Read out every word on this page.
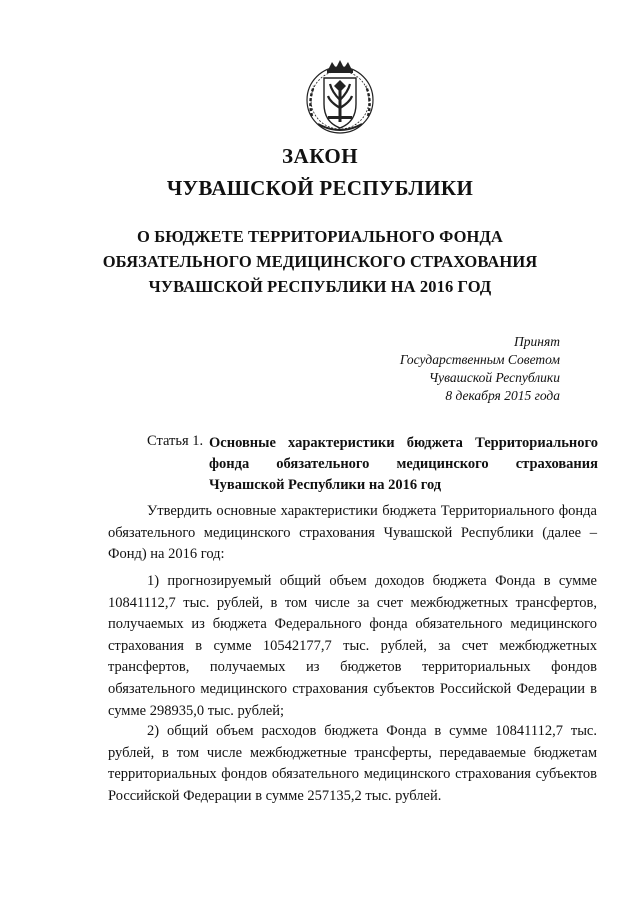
ЗАКОН
ЧУВАШСКОЙ РЕСПУБЛИКИ
О БЮДЖЕТЕ ТЕРРИТОРИАЛЬНОГО ФОНДА
ОБЯЗАТЕЛЬНОГО МЕДИЦИНСКОГО СТРАХОВАНИЯ
ЧУВАШСКОЙ РЕСПУБЛИКИ НА 2016 ГОД
Принят
Государственным Советом
Чувашской Республики
8 декабря 2015 года
Статья 1. Основные характеристики бюджета Территориального фонда обязательного медицинского страхования Чувашской Республики на 2016 год

Утвердить основные характеристики бюджета Территориального фонда обязательного медицинского страхования Чувашской Республики (далее – Фонд) на 2016 год:

1) прогнозируемый общий объем доходов бюджета Фонда в сумме 10841112,7 тыс. рублей, в том числе за счет межбюджетных трансфертов, получаемых из бюджета Федерального фонда обязательного медицинского страхования в сумме 10542177,7 тыс. рублей, за счет межбюджетных трансфертов, получаемых из бюджетов территориальных фондов обязательного медицинского страхования субъектов Российской Федерации в сумме 298935,0 тыс. рублей;

2) общий объем расходов бюджета Фонда в сумме 10841112,7 тыс. рублей, в том числе межбюджетные трансферты, передаваемые бюджетам территориальных фондов обязательного медицинского страхования субъектов Российской Федерации в сумме 257135,2 тыс. рублей.
